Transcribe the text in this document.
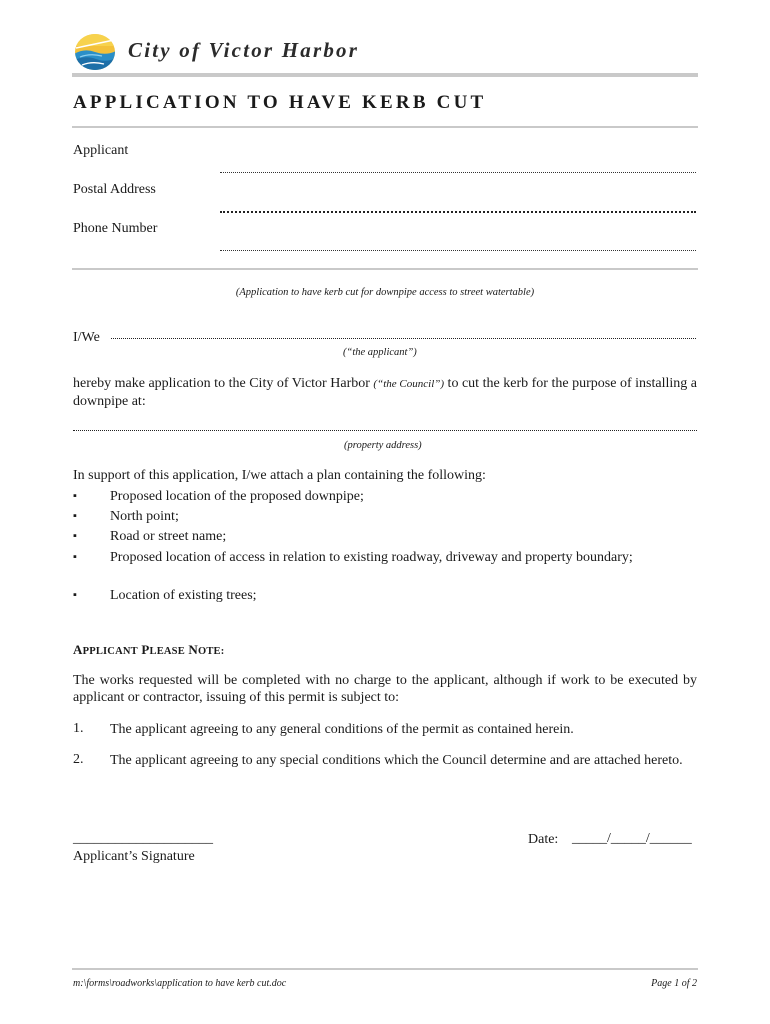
City of Victor Harbor
APPLICATION TO HAVE KERB CUT
Applicant
Postal Address
Phone Number
(Application to have kerb cut for downpipe access to street watertable)
I/We
(“the applicant”)
hereby make application to the City of Victor Harbor (“the Council”) to cut the kerb for the purpose of installing a downpipe at:
(property address)
In support of this application, I/we attach a plan containing the following:
▪ Proposed location of the proposed downpipe;
▪ North point;
▪ Road or street name;
▪ Proposed location of access in relation to existing roadway, driveway and property boundary;
▪ Location of existing trees;
APPLICANT PLEASE NOTE:
The works requested will be completed with no charge to the applicant, although if work to be executed by applicant or contractor, issuing of this permit is subject to:
1. The applicant agreeing to any general conditions of the permit as contained herein.
2. The applicant agreeing to any special conditions which the Council determine and are attached hereto.
____________________
Applicant’s Signature
Date: _____/_____/______
m:\forms\roadworks\application to have kerb cut.doc	Page 1 of 2
